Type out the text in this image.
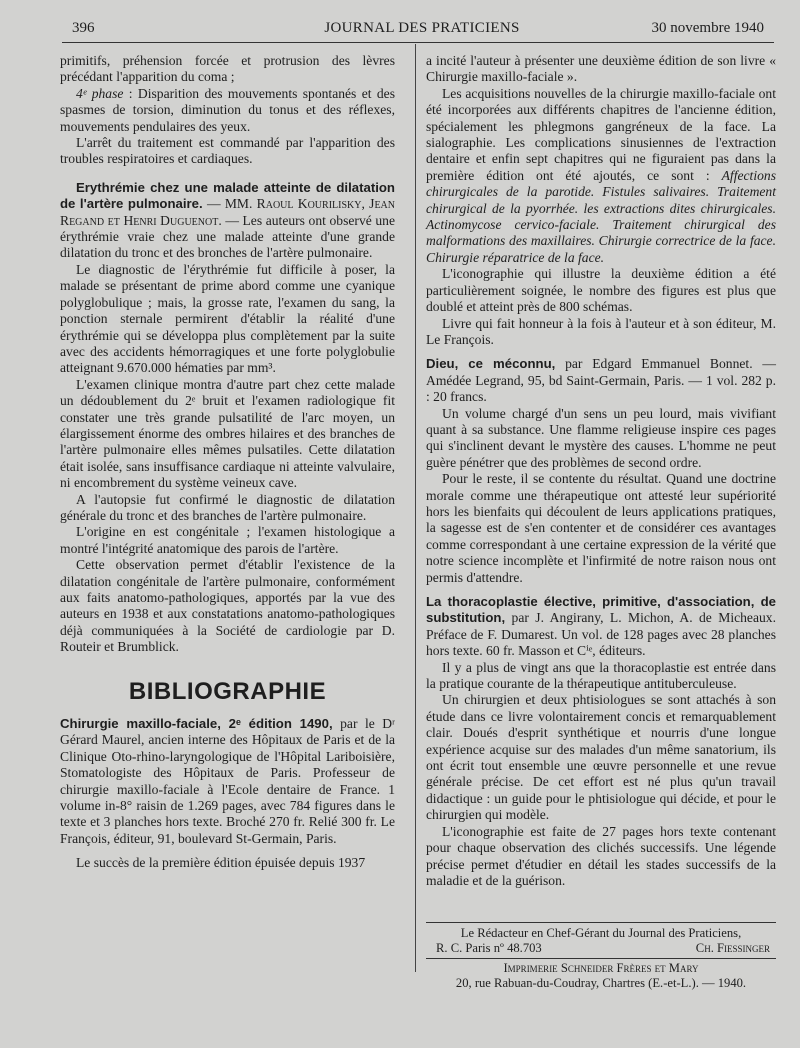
396	JOURNAL DES PRATICIENS	30 novembre 1940

primitifs, préhension forcée et protrusion des lèvres précédant l'apparition du coma ;

4ᵉ phase : Disparition des mouvements spontanés et des spasmes de torsion, diminution du tonus et des réflexes, mouvements pendulaires des yeux.

L'arrêt du traitement est commandé par l'apparition des troubles respiratoires et cardiaques.

Erythrémie chez une malade atteinte de dilatation de l'artère pulmonaire. — MM. Raoul Kourilisky, Jean Regand et Henri Duguenot. — Les auteurs ont observé une érythrémie vraie chez une malade atteinte d'une grande dilatation du tronc et des bronches de l'artère pulmonaire.

Le diagnostic de l'érythrémie fut difficile à poser, la malade se présentant de prime abord comme une cyanique polyglobulique ; mais, la grosse rate, l'examen du sang, la ponction sternale permirent d'établir la réalité d'une érythrémie qui se développa plus complètement par la suite avec des accidents hémorragiques et une forte polyglobulie atteignant 9.670.000 hématies par mm³.

L'examen clinique montra d'autre part chez cette malade un dédoublement du 2ᵉ bruit et l'examen radiologique fit constater une très grande pulsatilité de l'arc moyen, un élargissement énorme des ombres hilaires et des branches de l'artère pulmonaire elles mêmes pulsatiles. Cette dilatation était isolée, sans insuffisance cardiaque ni atteinte valvulaire, ni encombrement du système veineux cave.

A l'autopsie fut confirmé le diagnostic de dilatation générale du tronc et des branches de l'artère pulmonaire.

L'origine en est congénitale ; l'examen histologique a montré l'intégrité anatomique des parois de l'artère.

Cette observation permet d'établir l'existence de la dilatation congénitale de l'artère pulmonaire, conformément aux faits anatomo-pathologiques, apportés par la vue des auteurs en 1938 et aux constatations anatomo-pathologiques déjà communiquées à la Société de cardiologie par D. Routeir et Brumblick.

BIBLIOGRAPHIE

Chirurgie maxillo-faciale, 2ᵉ édition 1490, par le Dʳ Gérard Maurel, ancien interne des Hôpitaux de Paris et de la Clinique Oto-rhino-laryngologique de l'Hôpital Lariboisière, Stomatologiste des Hôpitaux de Paris. Professeur de chirurgie maxillo-faciale à l'Ecole dentaire de France. 1 volume in-8° raisin de 1.269 pages, avec 784 figures dans le texte et 3 planches hors texte. Broché 270 fr. Relié 300 fr. Le François, éditeur, 91, boulevard St-Germain, Paris.

Le succès de la première édition épuisée depuis 1937

a incité l'auteur à présenter une deuxième édition de son livre « Chirurgie maxillo-faciale ».

Les acquisitions nouvelles de la chirurgie maxillo-faciale ont été incorporées aux différents chapitres de l'ancienne édition, spécialement les phlegmons gangréneux de la face. La sialographie. Les complications sinusiennes de l'extraction dentaire et enfin sept chapitres qui ne figuraient pas dans la première édition ont été ajoutés, ce sont : Affections chirurgicales de la parotide. Fistules salivaires. Traitement chirurgical de la pyorrhée. les extractions dites chirurgicales. Actinomycose cervico-faciale. Traitement chirurgical des malformations des maxillaires. Chirurgie correctrice de la face. Chirurgie réparatrice de la face.

L'iconographie qui illustre la deuxième édition a été particulièrement soignée, le nombre des figures est plus que doublé et atteint près de 800 schémas.

Livre qui fait honneur à la fois à l'auteur et à son éditeur, M. Le François.

Dieu, ce méconnu, par Edgard Emmanuel Bonnet. — Amédée Legrand, 95, bd Saint-Germain, Paris. — 1 vol. 282 p. : 20 francs.

Un volume chargé d'un sens un peu lourd, mais vivifiant quant à sa substance. Une flamme religieuse inspire ces pages qui s'inclinent devant le mystère des causes. L'homme ne peut guère pénétrer que des problèmes de second ordre.

Pour le reste, il se contente du résultat. Quand une doctrine morale comme une thérapeutique ont attesté leur supériorité hors les bienfaits qui découlent de leurs applications pratiques, la sagesse est de s'en contenter et de considérer ces avantages comme correspondant à une certaine expression de la vérité que notre science incomplète et l'infirmité de notre raison nous ont permis d'attendre.

La thoracoplastie élective, primitive, d'association, de substitution, par J. Angirany, L. Michon, A. de Micheaux. Préface de F. Dumarest. Un vol. de 128 pages avec 28 planches hors texte. 60 fr. Masson et Cⁱᵉ, éditeurs.

Il y a plus de vingt ans que la thoracoplastie est entrée dans la pratique courante de la thérapeutique antituberculeuse.

Un chirurgien et deux phtisiologues se sont attachés à son étude dans ce livre volontairement concis et remarquablement clair. Doués d'esprit synthétique et nourris d'une longue expérience acquise sur des malades d'un même sanatorium, ils ont écrit tout ensemble une œuvre personnelle et une revue générale précise. De cet effort est né plus qu'un travail didactique : un guide pour le phtisiologue qui décide, et pour le chirurgien qui modèle.

L'iconographie est faite de 27 pages hors texte contenant pour chaque observation des clichés successifs. Une légende précise permet d'étudier en détail les stades successifs de la maladie et de la guérison.

Le Rédacteur en Chef-Gérant du Journal des Praticiens,
R. C. Paris nº 48.703	Ch. Fiessinger
Imprimerie Schneider Frères et Mary
20, rue Rabuan-du-Coudray, Chartres (E.-et-L.). — 1940.
